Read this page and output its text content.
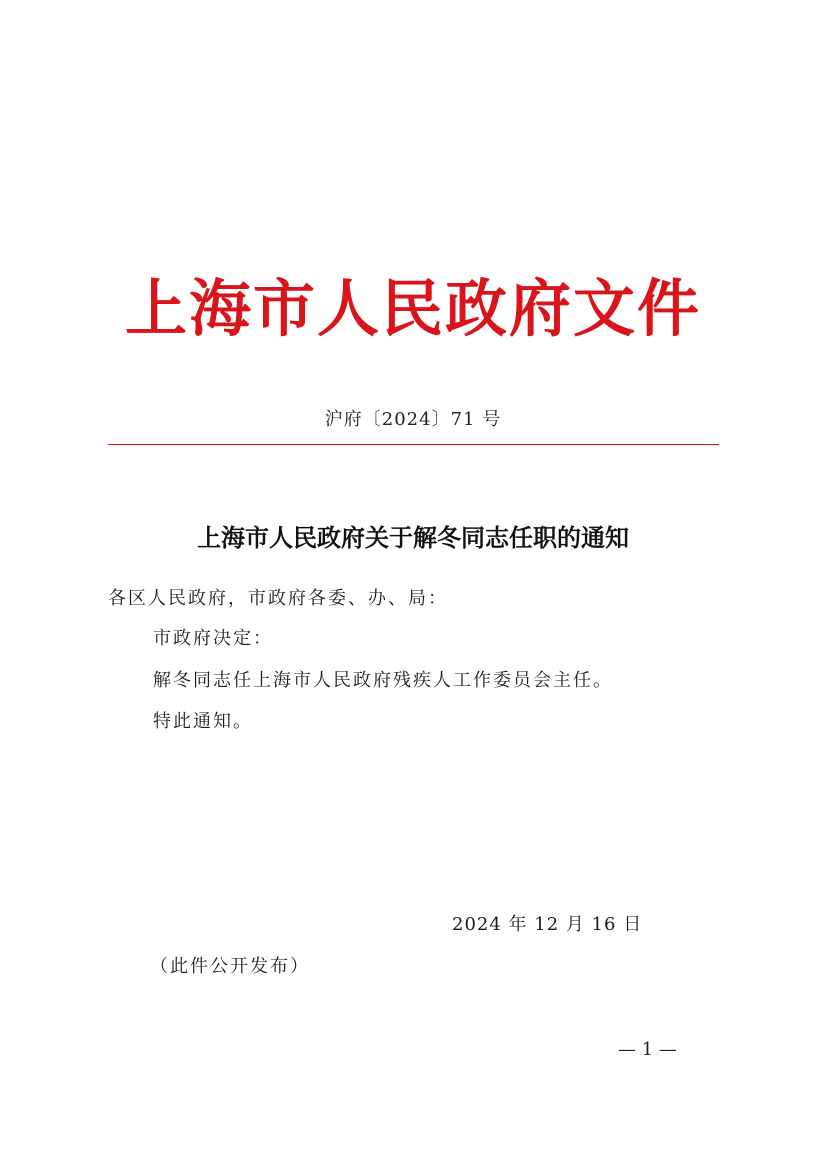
上海市人民政府文件
沪府〔2024〕71 号
上海市人民政府关于解冬同志任职的通知
各区人民政府，市政府各委、办、局：
市政府决定：
解冬同志任上海市人民政府残疾人工作委员会主任。
特此通知。
2024 年 12 月 16 日
（此件公开发布）
— 1 —
